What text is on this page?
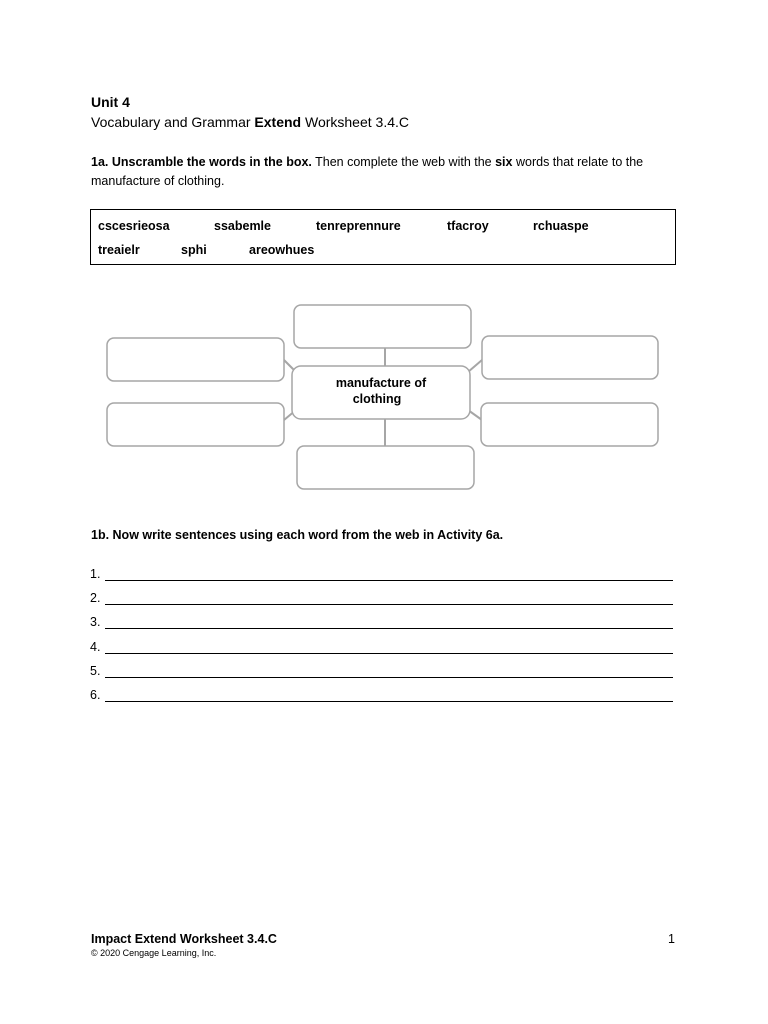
Unit 4
Vocabulary and Grammar Extend Worksheet 3.4.C
1a. Unscramble the words in the box. Then complete the web with the six words that relate to the manufacture of clothing.
cscesrieosa	ssabemle	tenreprennure	tfacroy	rchuaspe
treaielr	sphi	areowhues
manufacture of
clothing
1b. Now write sentences using each word from the web in Activity 6a.
1.
2.
3.
4.
5.
6.
Impact Extend Worksheet 3.4.C
© 2020 Cengage Learning, Inc.
1
